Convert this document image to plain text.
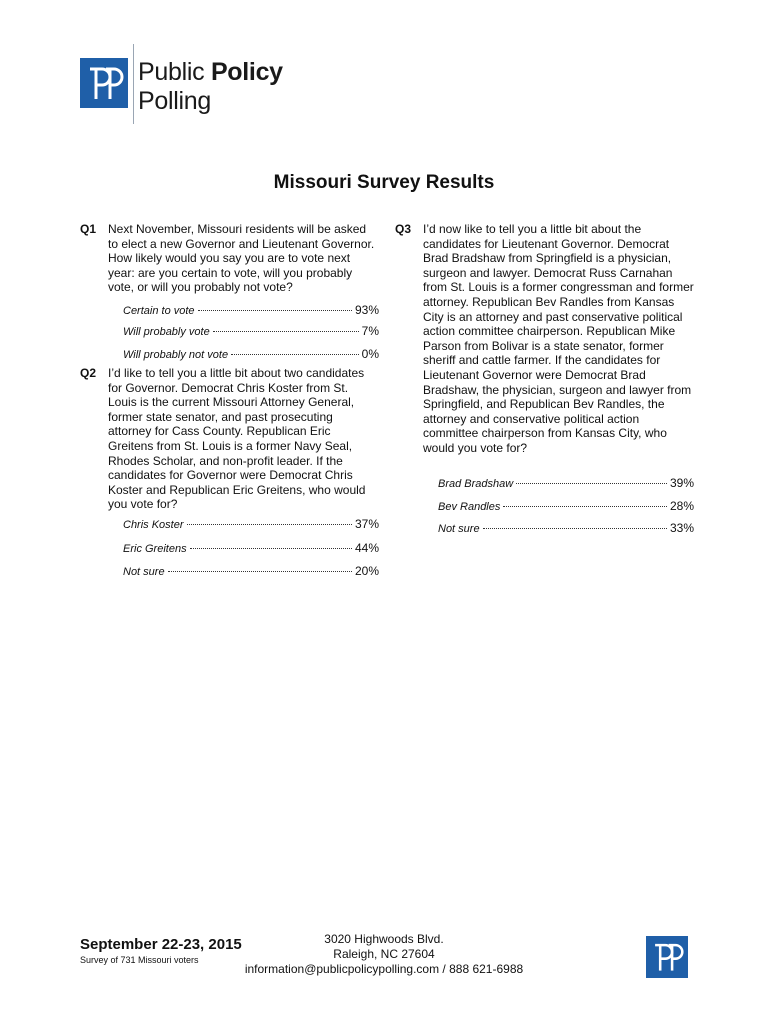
Public Policy
Polling
Missouri Survey Results
Q1 Next November, Missouri residents will be asked to elect a new Governor and Lieutenant Governor. How likely would you say you are to vote next year: are you certain to vote, will you probably vote, or will you probably not vote?
Certain to vote	93%
Will probably vote	7%
Will probably not vote	0%
Q2 I’d like to tell you a little bit about two candidates for Governor. Democrat Chris Koster from St. Louis is the current Missouri Attorney General, former state senator, and past prosecuting attorney for Cass County. Republican Eric Greitens from St. Louis is a former Navy Seal, Rhodes Scholar, and non-profit leader. If the candidates for Governor were Democrat Chris Koster and Republican Eric Greitens, who would you vote for?
Chris Koster	37%
Eric Greitens	44%
Not sure	20%
Q3 I’d now like to tell you a little bit about the candidates for Lieutenant Governor. Democrat Brad Bradshaw from Springfield is a physician, surgeon and lawyer. Democrat Russ Carnahan from St. Louis is a former congressman and former attorney. Republican Bev Randles from Kansas City is an attorney and past conservative political action committee chairperson. Republican Mike Parson from Bolivar is a state senator, former sheriff and cattle farmer. If the candidates for Lieutenant Governor were Democrat Brad Bradshaw, the physician, surgeon and lawyer from Springfield, and Republican Bev Randles, the attorney and conservative political action committee chairperson from Kansas City, who would you vote for?
Brad Bradshaw	39%
Bev Randles	28%
Not sure	33%
September 22-23, 2015
Survey of 731 Missouri voters
3020 Highwoods Blvd.
Raleigh, NC 27604
information@publicpolicypolling.com / 888 621-6988
